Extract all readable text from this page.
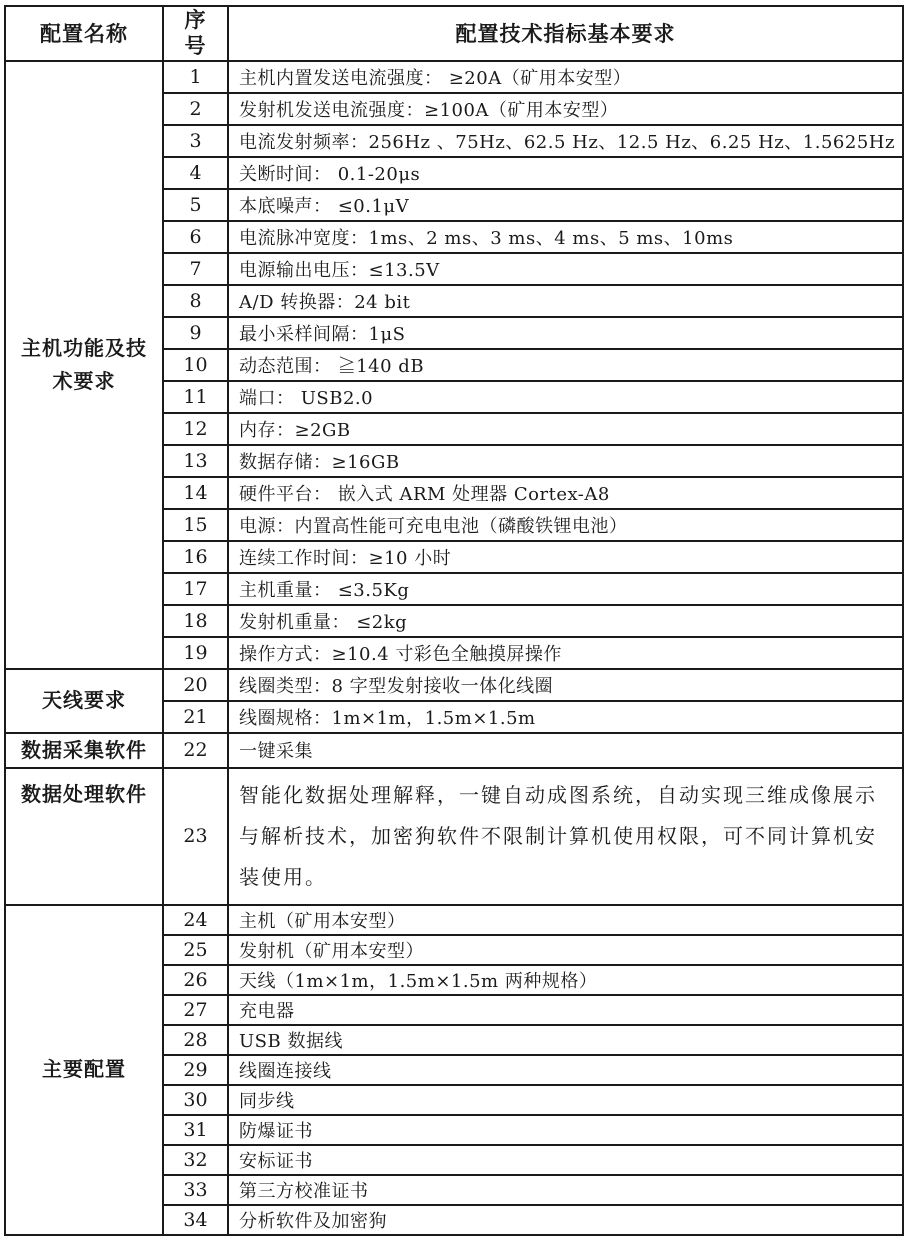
配置名称	序号	配置技术指标基本要求
主机功能及技术要求	1	主机内置发送电流强度： ≥20A（矿用本安型）
	2	发射机发送电流强度：≥100A（矿用本安型）
	3	电流发射频率：256Hz 、75Hz、62.5 Hz、12.5 Hz、6.25 Hz、1.5625Hz
	4	关断时间： 0.1-20μs
	5	本底噪声： ≤0.1μV
	6	电流脉冲宽度：1ms、2 ms、3 ms、4 ms、5 ms、10ms
	7	电源输出电压：≤13.5V
	8	A/D 转换器：24 bit
	9	最小采样间隔：1μS
	10	动态范围： ≧140 dB
	11	端口： USB2.0
	12	内存：≥2GB
	13	数据存储：≥16GB
	14	硬件平台： 嵌入式 ARM 处理器 Cortex-A8
	15	电源：内置高性能可充电电池（磷酸铁锂电池）
	16	连续工作时间：≥10 小时
	17	主机重量： ≤3.5Kg
	18	发射机重量： ≤2kg
	19	操作方式：≥10.4 寸彩色全触摸屏操作
天线要求	20	线圈类型：8 字型发射接收一体化线圈
	21	线圈规格：1m×1m，1.5m×1.5m
数据采集软件	22	一键采集
数据处理软件	23	智能化数据处理解释，一键自动成图系统，自动实现三维成像展示与解析技术，加密狗软件不限制计算机使用权限，可不同计算机安装使用。
主要配置	24	主机（矿用本安型）
	25	发射机（矿用本安型）
	26	天线（1m×1m，1.5m×1.5m 两种规格）
	27	充电器
	28	USB 数据线
	29	线圈连接线
	30	同步线
	31	防爆证书
	32	安标证书
	33	第三方校准证书
	34	分析软件及加密狗
